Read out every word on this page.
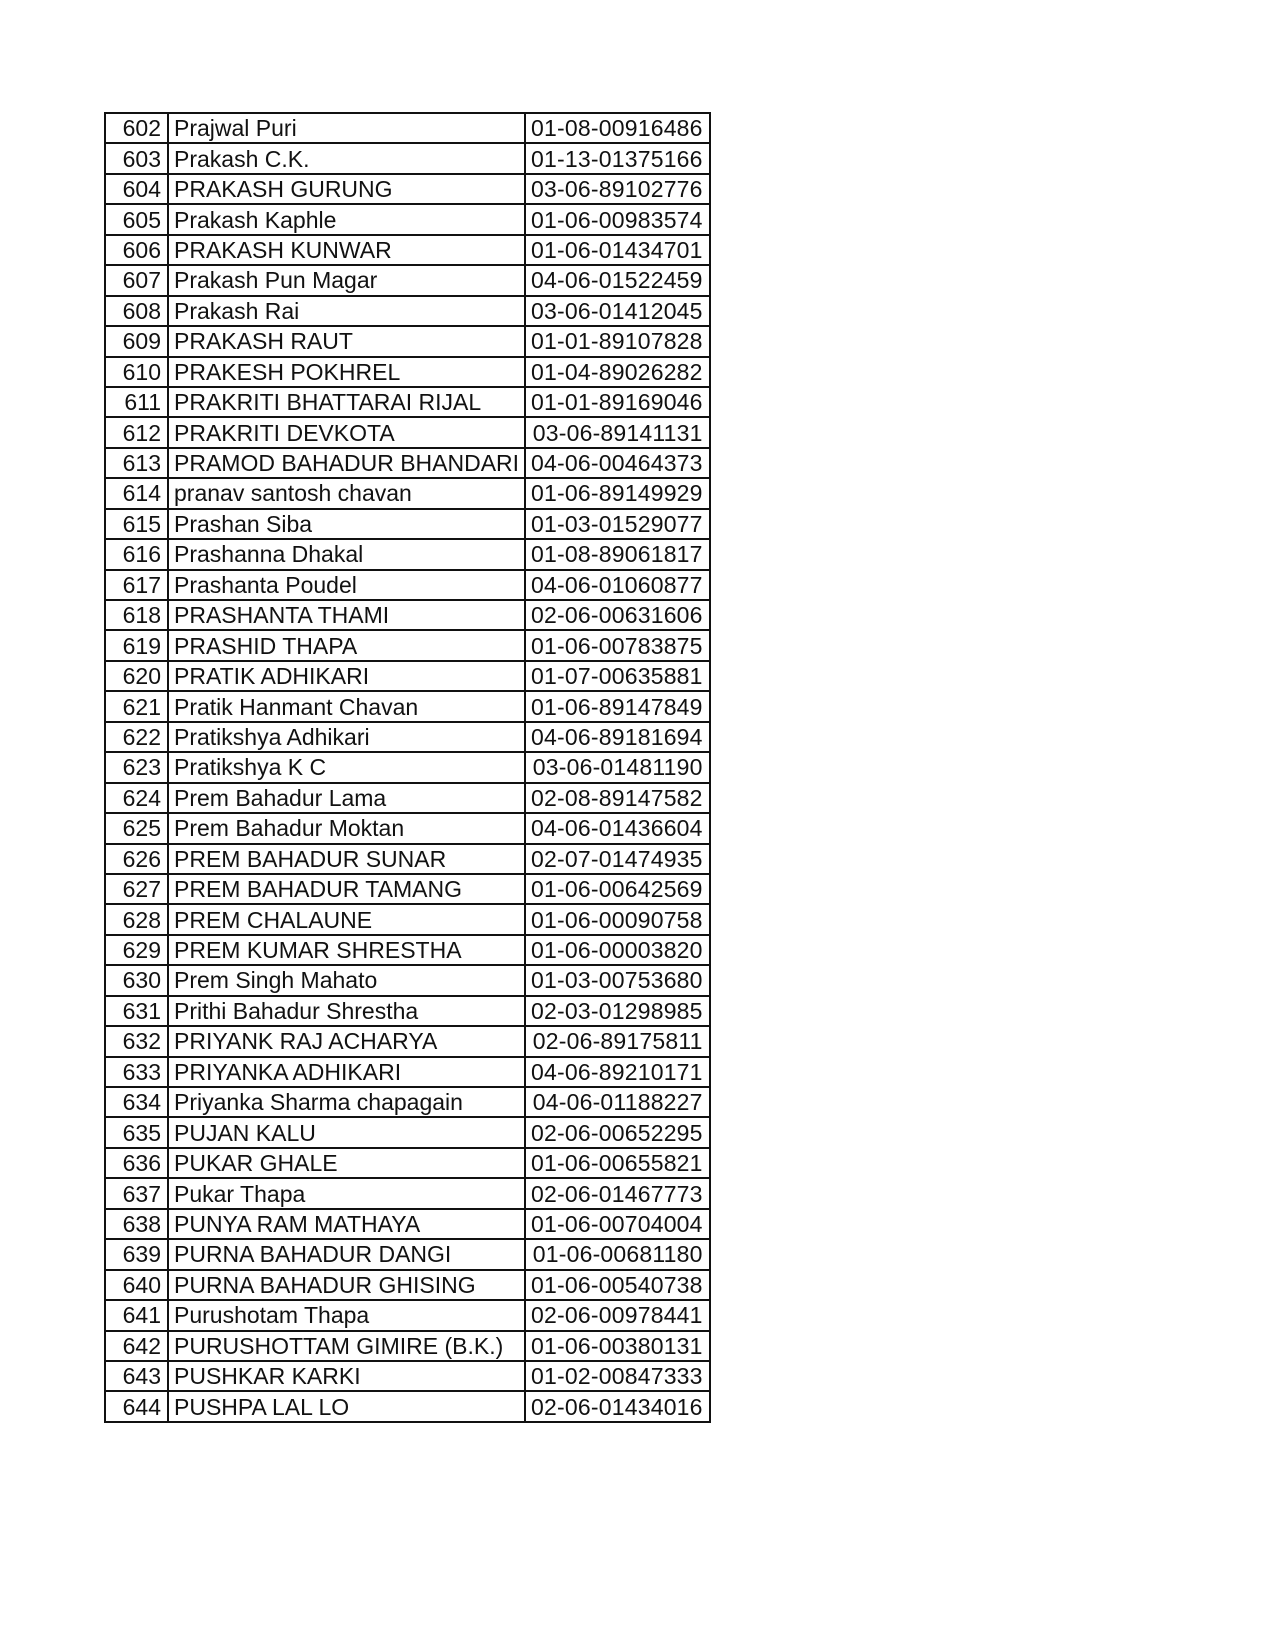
602	Prajwal Puri	01-08-00916486
603	Prakash C.K.	01-13-01375166
604	PRAKASH GURUNG	03-06-89102776
605	Prakash Kaphle	01-06-00983574
606	PRAKASH KUNWAR	01-06-01434701
607	Prakash Pun Magar	04-06-01522459
608	Prakash Rai	03-06-01412045
609	PRAKASH RAUT	01-01-89107828
610	PRAKESH POKHREL	01-04-89026282
611	PRAKRITI BHATTARAI RIJAL	01-01-89169046
612	PRAKRITI DEVKOTA	03-06-89141131
613	PRAMOD BAHADUR BHANDARI	04-06-00464373
614	pranav santosh chavan	01-06-89149929
615	Prashan Siba	01-03-01529077
616	Prashanna Dhakal	01-08-89061817
617	Prashanta Poudel	04-06-01060877
618	PRASHANTA THAMI	02-06-00631606
619	PRASHID THAPA	01-06-00783875
620	PRATIK ADHIKARI	01-07-00635881
621	Pratik Hanmant Chavan	01-06-89147849
622	Pratikshya Adhikari	04-06-89181694
623	Pratikshya K C	03-06-01481190
624	Prem Bahadur Lama	02-08-89147582
625	Prem Bahadur Moktan	04-06-01436604
626	PREM BAHADUR SUNAR	02-07-01474935
627	PREM BAHADUR TAMANG	01-06-00642569
628	PREM CHALAUNE	01-06-00090758
629	PREM KUMAR SHRESTHA	01-06-00003820
630	Prem Singh Mahato	01-03-00753680
631	Prithi Bahadur Shrestha	02-03-01298985
632	PRIYANK RAJ ACHARYA	02-06-89175811
633	PRIYANKA ADHIKARI	04-06-89210171
634	Priyanka Sharma chapagain	04-06-01188227
635	PUJAN KALU	02-06-00652295
636	PUKAR GHALE	01-06-00655821
637	Pukar Thapa	02-06-01467773
638	PUNYA RAM MATHAYA	01-06-00704004
639	PURNA BAHADUR DANGI	01-06-00681180
640	PURNA BAHADUR GHISING	01-06-00540738
641	Purushotam Thapa	02-06-00978441
642	PURUSHOTTAM GIMIRE (B.K.)	01-06-00380131
643	PUSHKAR KARKI	01-02-00847333
644	PUSHPA LAL LO	02-06-01434016
